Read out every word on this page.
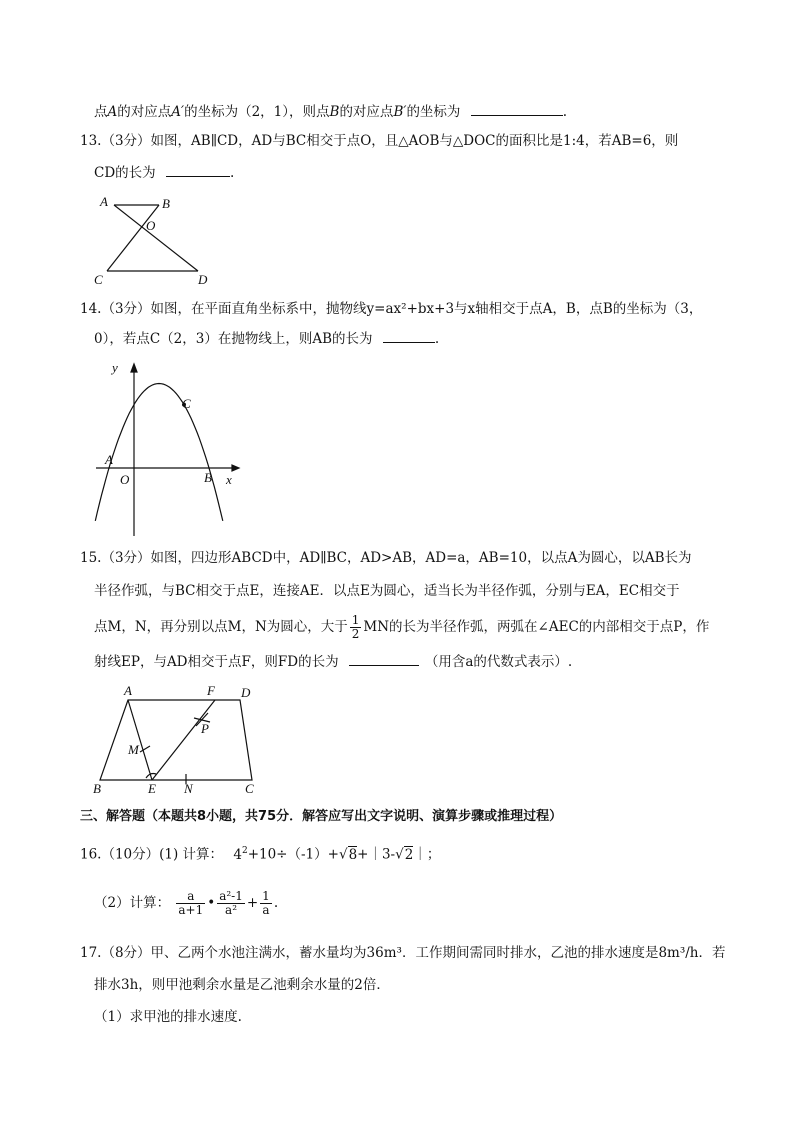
点A的对应点A′的坐标为（2，1），则点B的对应点B′的坐标为	.
13.（3分）如图，AB∥CD，AD与BC相交于点O，且△AOB与△DOC的面积比是1:4，若AB=6，则
CD的长为	.
A	B
O
C	D
14.（3分）如图，在平面直角坐标系中，抛物线y=ax²+bx+3与x轴相交于点A，B，点B的坐标为（3，
0），若点C（2，3）在抛物线上，则AB的长为	.
y
x
A
O	B
C
15.（3分）如图，四边形ABCD中，AD∥BC，AD>AB，AD=a，AB=10，以点A为圆心，以AB长为
半径作弧，与BC相交于点E，连接AE．以点E为圆心，适当长为半径作弧，分别与EA，EC相交于
点M，N，再分别以点M，N为圆心，大于 $\frac{1}{2}$ MN的长为半径作弧，两弧在∠AEC的内部相交于点P，作
射线EP，与AD相交于点F，则FD的长为	（用含a的代数式表示）.
A	F D
P
M
B	E N	C
三、解答题（本题共8小题，共75分．解答应写出文字说明、演算步骤或推理过程）
16.（10分）(1) 计算： $4^2+10\div(-1)+√8+|3-√2|$；
（2）计算： $\frac{a}{a+1}$ • $\frac{\text{a²-1}}{\text{a²}} + \frac{1}{a}$ .
17.（8分）甲、乙两个水池注满水，蓄水量均为36m³．工作期间需同时排水，乙池的排水速度是8m³/h．若
排水3h，则甲池剩余水量是乙池剩余水量的2倍．
（1）求甲池的排水速度.
